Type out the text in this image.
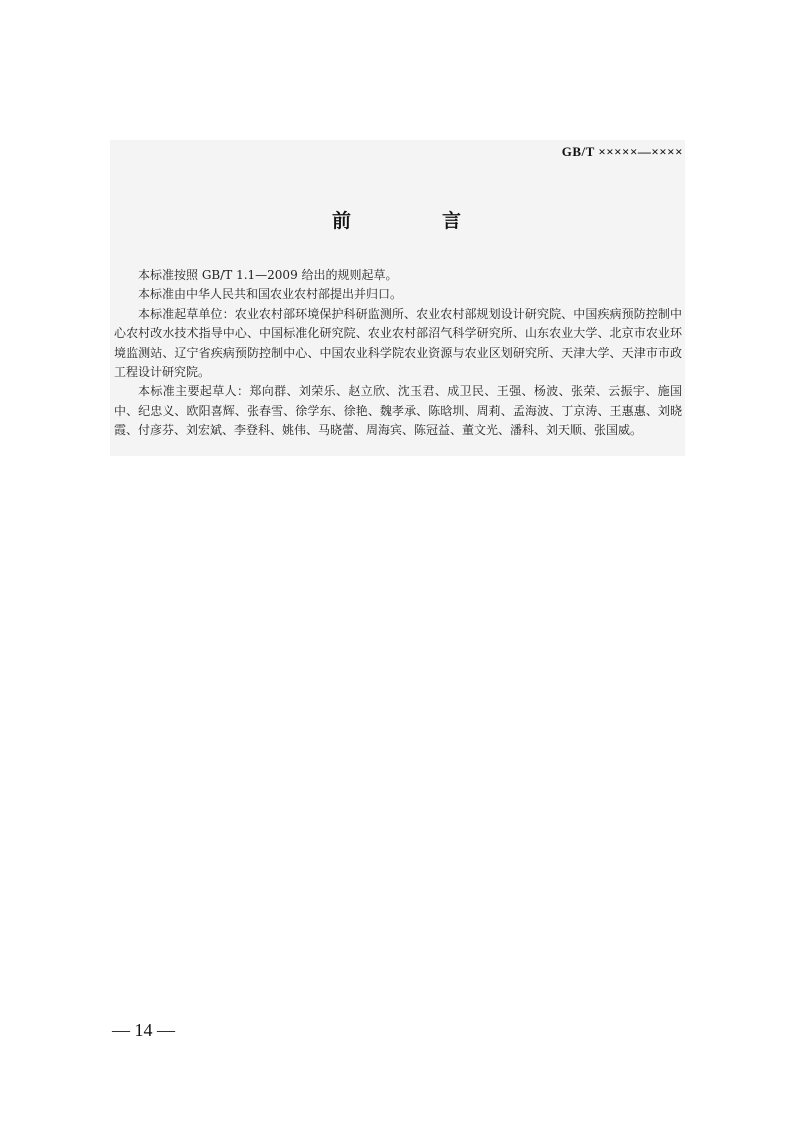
GB/T ×××××—××××
前　言

本标准按照 GB/T 1.1—2009 给出的规则起草。

本标准由中华人民共和国农业农村部提出并归口。

本标准起草单位：农业农村部环境保护科研监测所、农业农村部规划设计研究院、中国疾病预防控制中心农村改水技术指导中心、中国标准化研究院、农业农村部沼气科学研究所、山东农业大学、北京市农业环境监测站、辽宁省疾病预防控制中心、中国农业科学院农业资源与农业区划研究所、天津大学、天津市市政工程设计研究院。

本标准主要起草人：郑向群、刘荣乐、赵立欣、沈玉君、成卫民、王强、杨波、张荣、云振宇、施国中、纪忠义、欧阳喜辉、张春雪、徐学东、徐艳、魏孝承、陈晗圳、周莉、孟海波、丁京涛、王惠惠、刘晓霞、付彦芬、刘宏斌、李登科、姚伟、马晓蕾、周海宾、陈冠益、董文光、潘科、刘天顺、张国威。

— 14 —
